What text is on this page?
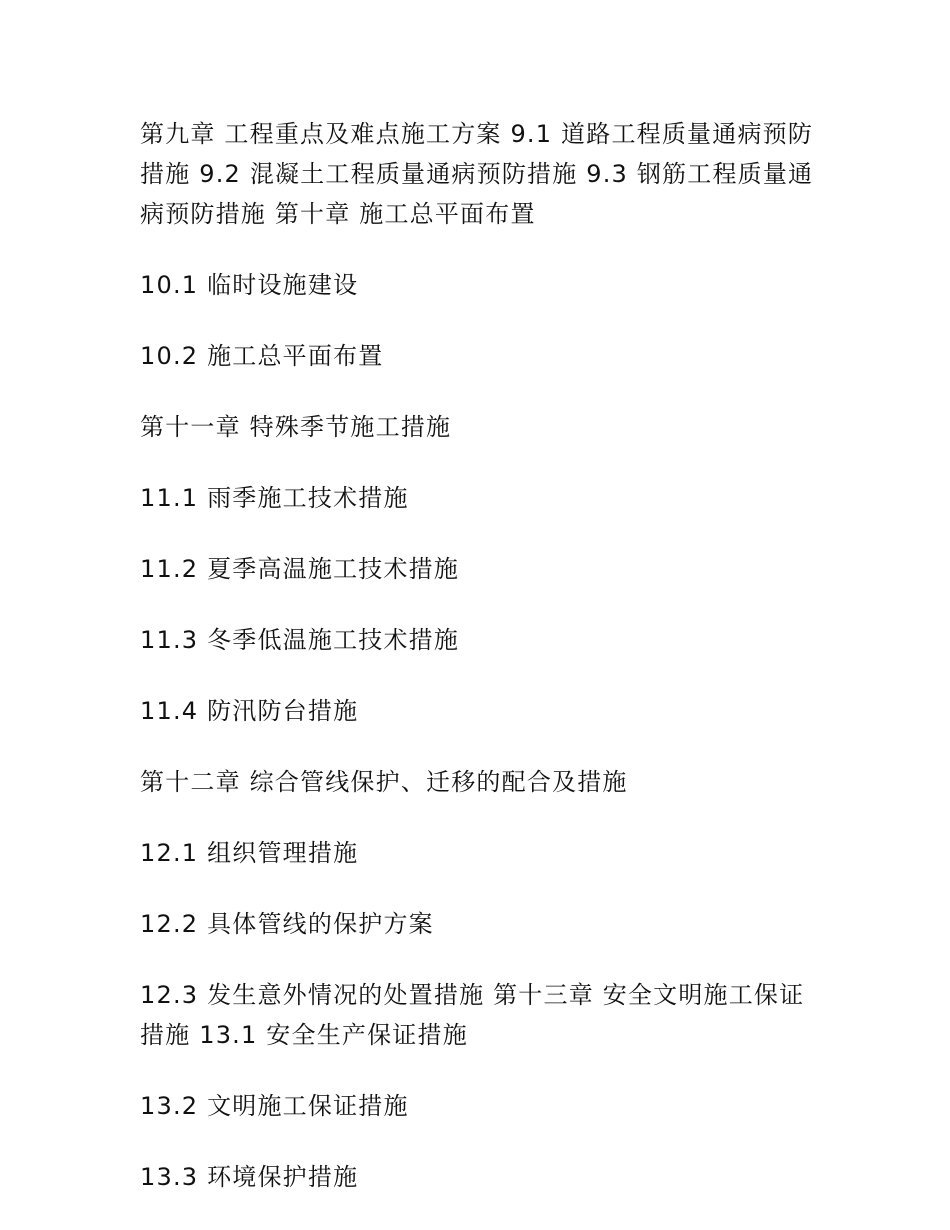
第九章 工程重点及难点施工方案 9.1 道路工程质量通病预防措施 9.2 混凝土工程质量通病预防措施 9.3 钢筋工程质量通病预防措施 第十章 施工总平面布置

10.1 临时设施建设

10.2 施工总平面布置

第十一章 特殊季节施工措施

11.1 雨季施工技术措施

11.2 夏季高温施工技术措施

11.3 冬季低温施工技术措施

11.4 防汛防台措施

第十二章 综合管线保护、迁移的配合及措施

12.1 组织管理措施

12.2 具体管线的保护方案

12.3 发生意外情况的处置措施 第十三章 安全文明施工保证措施 13.1 安全生产保证措施

13.2 文明施工保证措施

13.3 环境保护措施
